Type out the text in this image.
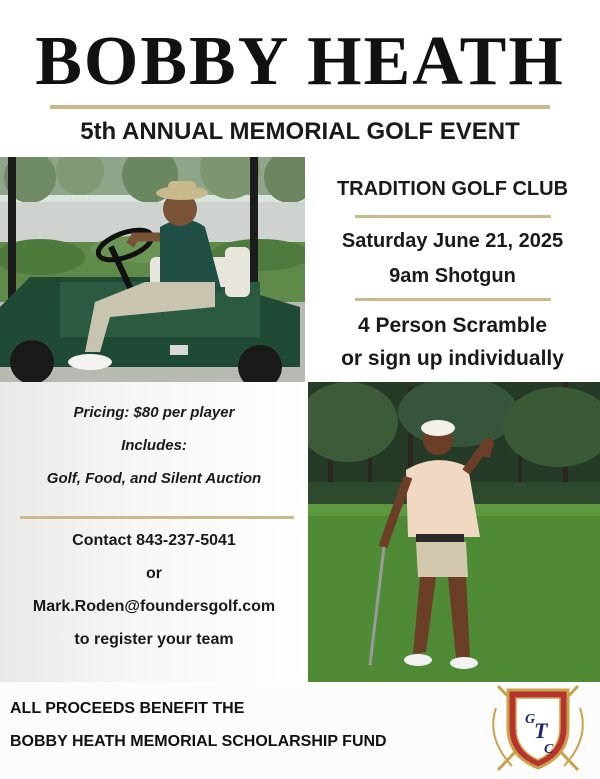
BOBBY HEATH
5th ANNUAL MEMORIAL GOLF EVENT
TRADITION GOLF CLUB
Saturday June 21, 2025
9am Shotgun
4 Person Scramble
or sign up individually
Pricing: $80 per player
Includes:
Golf, Food, and Silent Auction
Contact 843-237-5041
or
Mark.Roden@foundersgolf.com
to register your team
ALL PROCEEDS BENEFIT THE
BOBBY HEATH MEMORIAL SCHOLARSHIP FUND
G
T
C
